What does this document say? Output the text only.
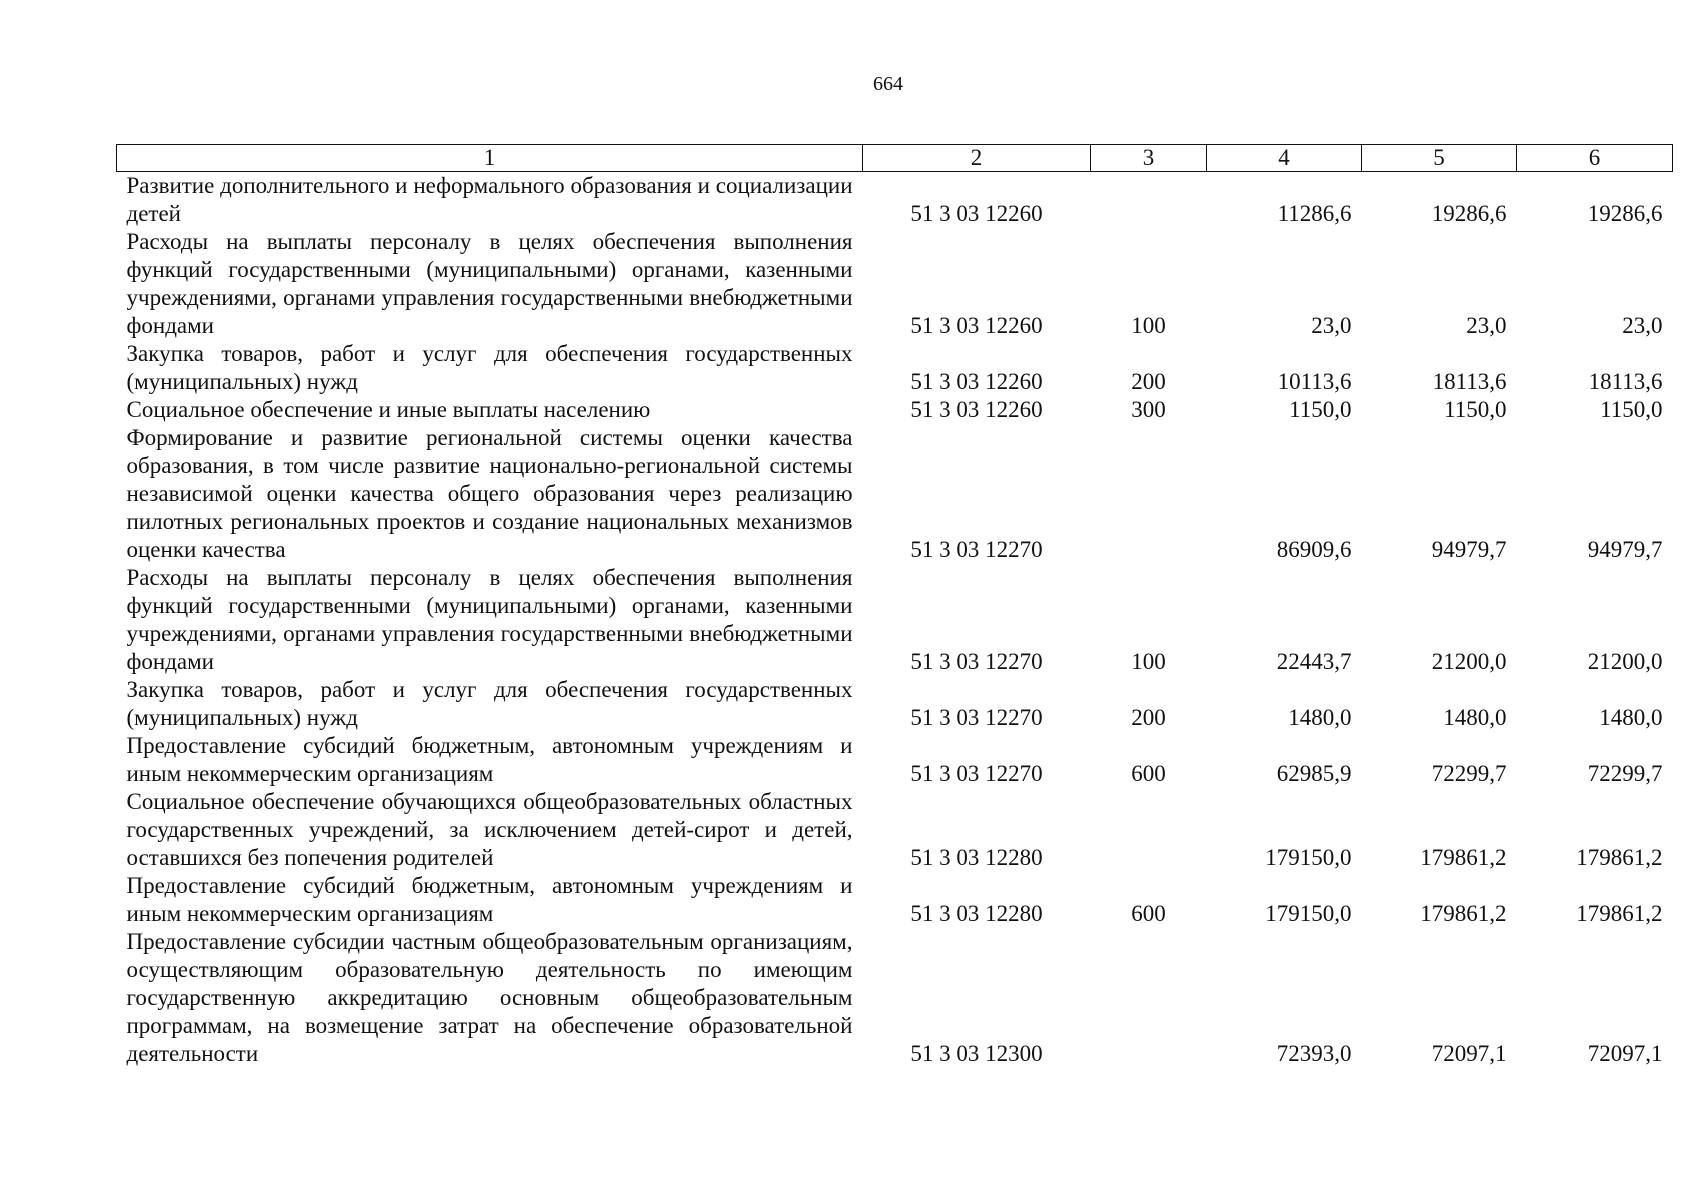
664
1	2	3	4	5	6
Развитие дополнительного и неформального образования и социализации детей	51 3 03 12260		11286,6	19286,6	19286,6
Расходы на выплаты персоналу в целях обеспечения выполнения функций государственными (муниципальными) органами, казенными учреждениями, органами управления государственными внебюджетными фондами	51 3 03 12260	100	23,0	23,0	23,0
Закупка товаров, работ и услуг для обеспечения государственных (муниципальных) нужд	51 3 03 12260	200	10113,6	18113,6	18113,6
Социальное обеспечение и иные выплаты населению	51 3 03 12260	300	1150,0	1150,0	1150,0
Формирование и развитие региональной системы оценки качества образования, в том числе развитие национально-региональной системы независимой оценки качества общего образования через реализацию пилотных региональных проектов и создание национальных механизмов оценки качества	51 3 03 12270		86909,6	94979,7	94979,7
Расходы на выплаты персоналу в целях обеспечения выполнения функций государственными (муниципальными) органами, казенными учреждениями, органами управления государственными внебюджетными фондами	51 3 03 12270	100	22443,7	21200,0	21200,0
Закупка товаров, работ и услуг для обеспечения государственных (муниципальных) нужд	51 3 03 12270	200	1480,0	1480,0	1480,0
Предоставление субсидий бюджетным, автономным учреждениям и иным некоммерческим организациям	51 3 03 12270	600	62985,9	72299,7	72299,7
Социальное обеспечение обучающихся общеобразовательных областных государственных учреждений, за исключением детей-сирот и детей, оставшихся без попечения родителей	51 3 03 12280		179150,0	179861,2	179861,2
Предоставление субсидий бюджетным, автономным учреждениям и иным некоммерческим организациям	51 3 03 12280	600	179150,0	179861,2	179861,2
Предоставление субсидии частным общеобразовательным организациям, осуществляющим образовательную деятельность по имеющим государственную аккредитацию основным общеобразовательным программам, на возмещение затрат на обеспечение образовательной деятельности	51 3 03 12300		72393,0	72097,1	72097,1
